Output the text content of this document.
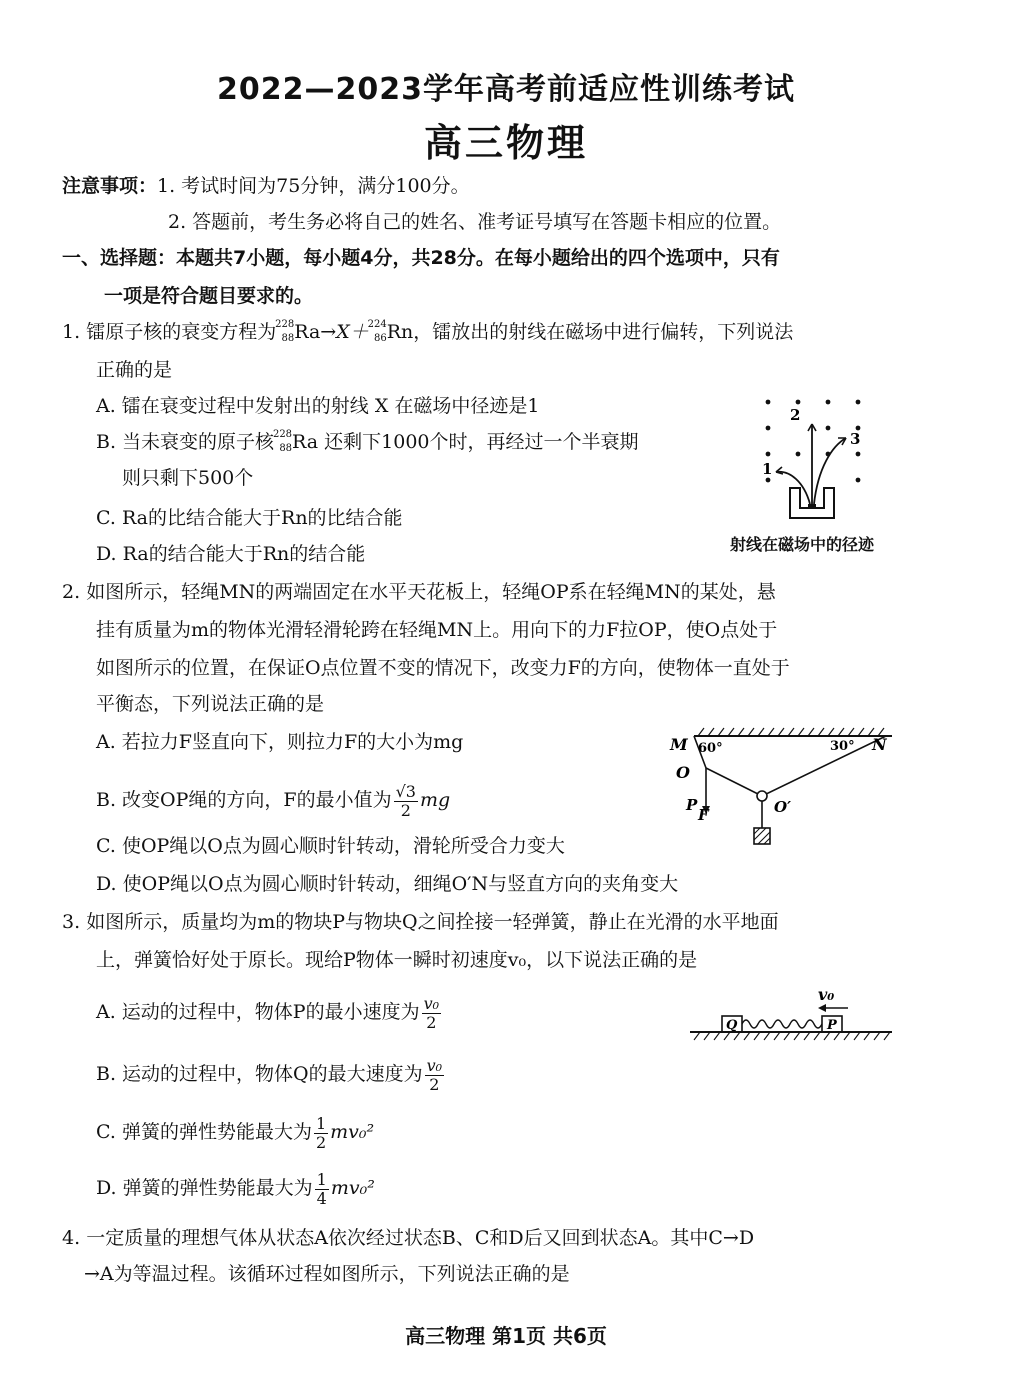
2022—2023学年高考前适应性训练考试
高三物理
注意事项：1. 考试时间为75分钟，满分100分。
2. 答题前，考生务必将自己的姓名、准考证号填写在答题卡相应的位置。
一、选择题：本题共7小题，每小题4分，共28分。在每小题给出的四个选项中，只有
一项是符合题目要求的。
1. 镭原子核的衰变方程为
228
88 Ra→X＋
224
86 Rn，镭放出的射线在磁场中进行偏转，下列说法
正确的是
A. 镭在衰变过程中发射出的射线 X 在磁场中径迹是1
B. 当未衰变的原子核
228
88 Ra 还剩下1000个时，再经过一个半衰期
则只剩下500个
C. Ra的比结合能大于Rn的比结合能
D. Ra的结合能大于Rn的结合能
1
2
3
射线在磁场中的径迹
2. 如图所示，轻绳MN的两端固定在水平天花板上，轻绳OP系在轻绳MN的某处，悬
挂有质量为m的物体光滑轻滑轮跨在轻绳MN上。用向下的力F拉OP，使O点处于
如图所示的位置，在保证O点位置不变的情况下，改变力F的方向，使物体一直处于
平衡态，下列说法正确的是
A. 若拉力F竖直向下，则拉力F的大小为mg
B. 改变OP绳的方向，F的最小值为 $\frac{√3}{2}$ mg
C. 使OP绳以O点为圆心顺时针转动，滑轮所受合力变大
D. 使OP绳以O点为圆心顺时针转动，细绳O′N与竖直方向的夹角变大
M 60°	30° N
O
O′
P
F
3. 如图所示，质量均为m的物块P与物块Q之间拴接一轻弹簧，静止在光滑的水平地面
上，弹簧恰好处于原长。现给P物体一瞬时初速度v₀，以下说法正确的是
A. 运动的过程中，物体P的最小速度为 $\frac{\text{v₀}}{2}$
B. 运动的过程中，物体Q的最大速度为 $\frac{\text{v₀}}{2}$
C. 弹簧的弹性势能最大为 $\frac{1}{2} mv_0^2$
D. 弹簧的弹性势能最大为 $\frac{1}{4} mv_0^2$
v₀
Q	P
4. 一定质量的理想气体从状态A依次经过状态B、C和D后又回到状态A。其中C→D
→A为等温过程。该循环过程如图所示，下列说法正确的是
高三物理 第1页 共6页
